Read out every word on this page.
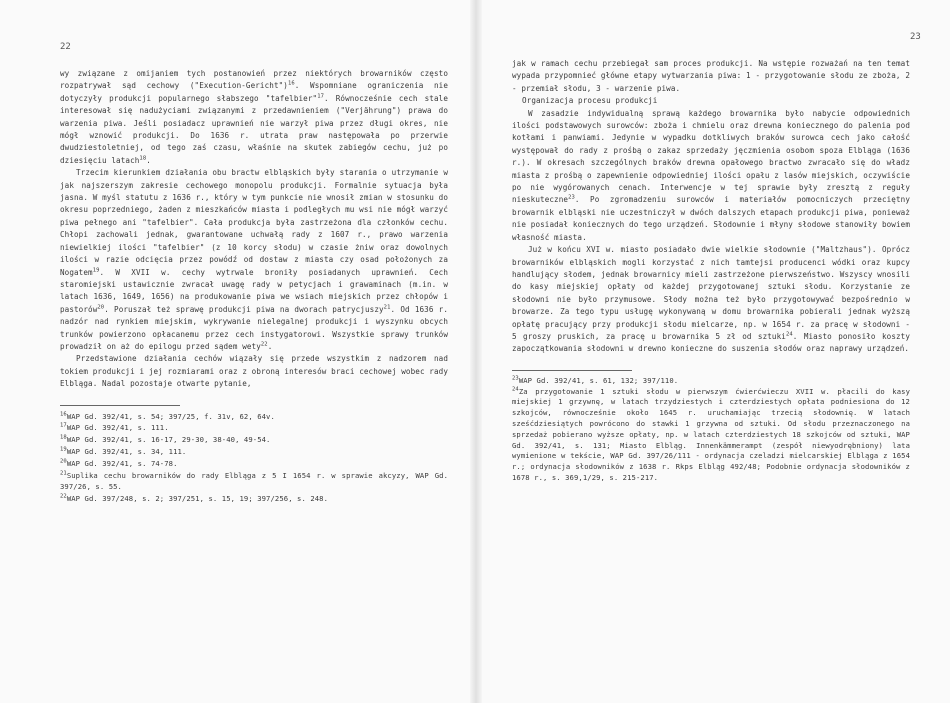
22

wy związane z omijaniem tych postanowień przez niektórych browarników często rozpatrywał sąd cechowy ("Execution-Gericht")$^{16}$. Wspomniane ograniczenia nie dotyczyły produkcji popularnego słabszego "tafelbier"$^{17}$. Równocześnie cech stale interesował się nadużyciami związanymi z przedawnieniem ("Verjährung") prawa do warzenia piwa. Jeśli posiadacz uprawnień nie warzył piwa przez długi okres, nie mógł wznowić produkcji. Do 1636 r. utrata praw następowała po przerwie dwudziestoletniej, od tego zaś czasu, właśnie na skutek zabiegów cechu, już po dziesięciu latach$^{18}$.

Trzecim kierunkiem działania obu bractw elbląskich były starania o utrzymanie w jak najszerszym zakresie cechowego monopolu produkcji. Formalnie sytuacja była jasna. W myśl statutu z 1636 r., który w tym punkcie nie wnosił zmian w stosunku do okresu poprzedniego, żaden z mieszkańców miasta i podległych mu wsi nie mógł warzyć piwa pełnego ani "tafelbier". Cała produkcja była zastrzeżona dla członków cechu. Chłopi zachowali jednak, gwarantowane uchwałą rady z 1607 r., prawo warzenia niewielkiej ilości "tafelbier" (z 10 korcy słodu) w czasie żniw oraz dowolnych ilości w razie odcięcia przez powódź od dostaw z miasta czy osad położonych za Nogatem$^{19}$. W XVII w. cechy wytrwale broniły posiadanych uprawnień. Cech staromiejski ustawicznie zwracał uwagę rady w petycjach i grawaminach (m.in. w latach 1636, 1649, 1656) na produkowanie piwa we wsiach miejskich przez chłopów i pastorów$^{20}$. Poruszał też sprawę produkcji piwa na dworach patrycjuszy$^{21}$. Od 1636 r. nadzór nad rynkiem miejskim, wykrywanie nielegalnej produkcji i wyszynku obcych trunków powierzono opłacanemu przez cech instygatorowi. Wszystkie sprawy trunków prowadził on aż do epilogu przed sądem wety$^{22}$.

Przedstawione działania cechów wiązały się przede wszystkim z nadzorem nad tokiem produkcji i jej rozmiarami oraz z obroną interesów braci cechowej wobec rady Elbląga. Nadal pozostaje otwarte pytanie,

$^{16}$WAP Gd. 392/41, s. 54; 397/25, f. 31v, 62, 64v.

$^{17}$WAP Gd. 392/41, s. 111.

$^{18}$WAP Gd. 392/41, s. 16-17, 29-30, 38-40, 49-54.

$^{19}$WAP Gd. 392/41, s. 34, 111.

$^{20}$WAP Gd. 392/41, s. 74-78.

$^{21}$Suplika cechu browarników do rady Elbląga z 5 I 1654 r. w sprawie akcyzy, WAP Gd. 397/26, s. 55.

$^{22}$WAP Gd. 397/248, s. 2; 397/251, s. 15, 19; 397/256, s. 248.

23

jak w ramach cechu przebiegał sam proces produkcji. Na wstępie rozważań na ten temat wypada przypomnieć główne etapy wytwarzania piwa: 1 - przygotowanie słodu ze zboża, 2 - przemiał słodu, 3 - warzenie piwa.

Organizacja procesu produkcji

W zasadzie indywidualną sprawą każdego browarnika było nabycie odpowiednich ilości podstawowych surowców: zboża i chmielu oraz drewna koniecznego do palenia pod kotłami i panwiami. Jedynie w wypadku dotkliwych braków surowca cech jako całość występował do rady z prośbą o zakaz sprzedaży jęczmienia osobom spoza Elbląga (1636 r.). W okresach szczególnych braków drewna opałowego bractwo zwracało się do władz miasta z prośbą o zapewnienie odpowiedniej ilości opału z lasów miejskich, oczywiście po nie wygórowanych cenach. Interwencje w tej sprawie były zresztą z reguły nieskuteczne$^{23}$. Po zgromadzeniu surowców i materiałów pomocniczych przeciętny browarnik elbląski nie uczestniczył w dwóch dalszych etapach produkcji piwa, ponieważ nie posiadał koniecznych do tego urządzeń. Słodownie i młyny słodowe stanowiły bowiem własność miasta.

Już w końcu XVI w. miasto posiadało dwie wielkie słodownie ("Maltzhaus"). Oprócz browarników elbląskich mogli korzystać z nich tamtejsi producenci wódki oraz kupcy handlujący słodem, jednak browarnicy mieli zastrzeżone pierwszeństwo. Wszyscy wnosili do kasy miejskiej opłaty od każdej przygotowanej sztuki słodu. Korzystanie ze słodowni nie było przymusowe. Słody można też było przygotowywać bezpośrednio w browarze. Za tego typu usługę wykonywaną w domu browarnika pobierali jednak wyższą opłatę pracujący przy produkcji słodu mielcarze, np. w 1654 r. za pracę w słodowni - 5 groszy pruskich, za pracę u browarnika 5 zł od sztuki$^{24}$. Miasto ponosiło koszty zapoczątkowania słodowni w drewno konieczne do suszenia słodów oraz naprawy urządzeń.

$^{23}$WAP Gd. 392/41, s. 61, 132; 397/110.

$^{24}$Za przygotowanie 1 sztuki słodu w pierwszym ćwierćwieczu XVII w. płacili do kasy miejskiej 1 grzywnę, w latach trzydziestych i czterdziestych opłata podniesiona do 12 szkojców, równocześnie około 1645 r. uruchamiając trzecią słodownię. W latach sześćdziesiątych powrócono do stawki 1 grzywna od sztuki. Od słodu przeznaczonego na sprzedaż pobierano wyższe opłaty, np. w latach czterdziestych 18 szkojców od sztuki, WAP Gd. 392/41, s. 131; Miasto Elbląg. Innenkämmerampt (zespół niewyodrębniony) lata wymienione w tekście, WAP Gd. 397/26/111 - ordynacja czeladzi mielcarskiej Elbląga z 1654 r.; ordynacja słodowników z 1638 r. Rkps Elbląg 492/48; Podobnie ordynacja słodowników z 1678 r., s. 369,1/29, s. 215-217.
